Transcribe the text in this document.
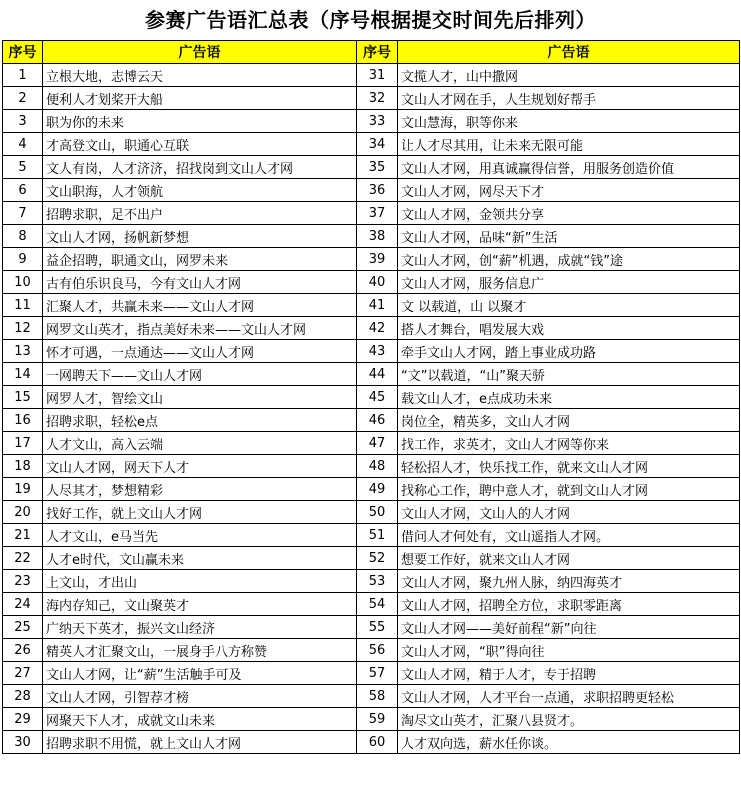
参赛广告语汇总表（序号根据提交时间先后排列）
序号	广告语	序号	广告语
1	立根大地，志博云天	31	文揽人才，山中撒网
2	便利人才划桨开大船	32	文山人才网在手，人生规划好帮手
3	职为你的未来	33	文山慧海，职等你来
4	才高登文山，职通心互联	34	让人才尽其用，让未来无限可能
5	文人有岗，人才济济，招找岗到文山人才网	35	文山人才网，用真诚赢得信誉，用服务创造价值
6	文山职海，人才领航	36	文山人才网，网尽天下才
7	招聘求职，足不出户	37	文山人才网，金领共分享
8	文山人才网，扬帆新梦想	38	文山人才网，品味“新”生活
9	益企招聘，职通文山，网罗未来	39	文山人才网，创“薪”机遇，成就“钱”途
10	古有伯乐识良马，今有文山人才网	40	文山人才网，服务信息广
11	汇聚人才，共赢未来——文山人才网	41	文 以载道，山 以聚才
12	网罗文山英才，指点美好未来——文山人才网	42	搭人才舞台，唱发展大戏
13	怀才可遇，一点通达——文山人才网	43	牵手文山人才网，踏上事业成功路
14	一网聘天下——文山人才网	44	“文”以载道，“山”聚天骄
15	网罗人才，智绘文山	45	载文山人才，e点成功未来
16	招聘求职，轻松e点	46	岗位全，精英多，文山人才网
17	人才文山，高入云端	47	找工作，求英才，文山人才网等你来
18	文山人才网，网天下人才	48	轻松招人才，快乐找工作，就来文山人才网
19	人尽其才，梦想精彩	49	找称心工作，聘中意人才，就到文山人才网
20	找好工作，就上文山人才网	50	文山人才网，文山人的人才网
21	人才文山，e马当先	51	借问人才何处有，文山遥指人才网。
22	人才e时代，文山赢未来	52	想要工作好，就来文山人才网
23	上文山，才出山	53	文山人才网，聚九州人脉，纳四海英才
24	海内存知己，文山聚英才	54	文山人才网，招聘全方位，求职零距离
25	广纳天下英才，振兴文山经济	55	文山人才网——美好前程“新”向往
26	精英人才汇聚文山，一展身手八方称赞	56	文山人才网，“职”得向往
27	文山人才网，让“薪”生活触手可及	57	文山人才网，精于人才，专于招聘
28	文山人才网，引智荐才榜	58	文山人才网，人才平台一点通，求职招聘更轻松
29	网聚天下人才，成就文山未来	59	淘尽文山英才，汇聚八县贤才。
30	招聘求职不用慌，就上文山人才网	60	人才双向选，薪水任你谈。
